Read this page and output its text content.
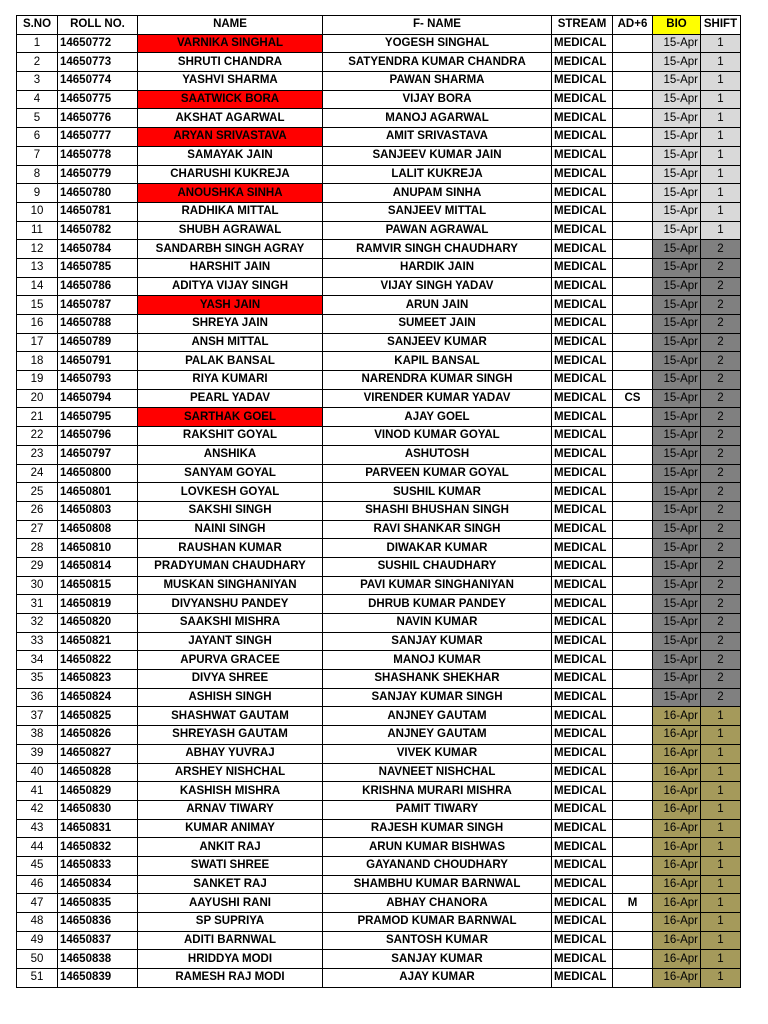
S.NO	ROLL NO.	NAME	F- NAME	STREAM	AD+6	BIO	SHIFT
1	14650772	VARNIKA SINGHAL	YOGESH SINGHAL	MEDICAL		15-Apr	1
2	14650773	SHRUTI CHANDRA	SATYENDRA KUMAR CHANDRA	MEDICAL		15-Apr	1
3	14650774	YASHVI SHARMA	PAWAN SHARMA	MEDICAL		15-Apr	1
4	14650775	SAATWICK BORA	VIJAY BORA	MEDICAL		15-Apr	1
5	14650776	AKSHAT AGARWAL	MANOJ AGARWAL	MEDICAL		15-Apr	1
6	14650777	ARYAN SRIVASTAVA	AMIT SRIVASTAVA	MEDICAL		15-Apr	1
7	14650778	SAMAYAK JAIN	SANJEEV KUMAR JAIN	MEDICAL		15-Apr	1
8	14650779	CHARUSHI KUKREJA	LALIT KUKREJA	MEDICAL		15-Apr	1
9	14650780	ANOUSHKA SINHA	ANUPAM SINHA	MEDICAL		15-Apr	1
10	14650781	RADHIKA MITTAL	SANJEEV MITTAL	MEDICAL		15-Apr	1
11	14650782	SHUBH AGRAWAL	PAWAN AGRAWAL	MEDICAL		15-Apr	1
12	14650784	SANDARBH SINGH AGRAY	RAMVIR SINGH CHAUDHARY	MEDICAL		15-Apr	2
13	14650785	HARSHIT JAIN	HARDIK JAIN	MEDICAL		15-Apr	2
14	14650786	ADITYA VIJAY SINGH	VIJAY SINGH YADAV	MEDICAL		15-Apr	2
15	14650787	YASH JAIN	ARUN JAIN	MEDICAL		15-Apr	2
16	14650788	SHREYA JAIN	SUMEET JAIN	MEDICAL		15-Apr	2
17	14650789	ANSH MITTAL	SANJEEV KUMAR	MEDICAL		15-Apr	2
18	14650791	PALAK BANSAL	KAPIL BANSAL	MEDICAL		15-Apr	2
19	14650793	RIYA KUMARI	NARENDRA KUMAR SINGH	MEDICAL		15-Apr	2
20	14650794	PEARL YADAV	VIRENDER KUMAR YADAV	MEDICAL	CS	15-Apr	2
21	14650795	SARTHAK GOEL	AJAY GOEL	MEDICAL		15-Apr	2
22	14650796	RAKSHIT GOYAL	VINOD KUMAR GOYAL	MEDICAL		15-Apr	2
23	14650797	ANSHIKA	ASHUTOSH	MEDICAL		15-Apr	2
24	14650800	SANYAM GOYAL	PARVEEN KUMAR GOYAL	MEDICAL		15-Apr	2
25	14650801	LOVKESH GOYAL	SUSHIL KUMAR	MEDICAL		15-Apr	2
26	14650803	SAKSHI SINGH	SHASHI BHUSHAN SINGH	MEDICAL		15-Apr	2
27	14650808	NAINI SINGH	RAVI SHANKAR SINGH	MEDICAL		15-Apr	2
28	14650810	RAUSHAN KUMAR	DIWAKAR KUMAR	MEDICAL		15-Apr	2
29	14650814	PRADYUMAN CHAUDHARY	SUSHIL CHAUDHARY	MEDICAL		15-Apr	2
30	14650815	MUSKAN SINGHANIYAN	PAVI KUMAR SINGHANIYAN	MEDICAL		15-Apr	2
31	14650819	DIVYANSHU PANDEY	DHRUB KUMAR PANDEY	MEDICAL		15-Apr	2
32	14650820	SAAKSHI MISHRA	NAVIN KUMAR	MEDICAL		15-Apr	2
33	14650821	JAYANT SINGH	SANJAY KUMAR	MEDICAL		15-Apr	2
34	14650822	APURVA GRACEE	MANOJ KUMAR	MEDICAL		15-Apr	2
35	14650823	DIVYA SHREE	SHASHANK SHEKHAR	MEDICAL		15-Apr	2
36	14650824	ASHISH SINGH	SANJAY KUMAR SINGH	MEDICAL		15-Apr	2
37	14650825	SHASHWAT GAUTAM	ANJNEY GAUTAM	MEDICAL		16-Apr	1
38	14650826	SHREYASH GAUTAM	ANJNEY GAUTAM	MEDICAL		16-Apr	1
39	14650827	ABHAY YUVRAJ	VIVEK KUMAR	MEDICAL		16-Apr	1
40	14650828	ARSHEY NISHCHAL	NAVNEET NISHCHAL	MEDICAL		16-Apr	1
41	14650829	KASHISH MISHRA	KRISHNA MURARI MISHRA	MEDICAL		16-Apr	1
42	14650830	ARNAV TIWARY	PAMIT TIWARY	MEDICAL		16-Apr	1
43	14650831	KUMAR ANIMAY	RAJESH KUMAR SINGH	MEDICAL		16-Apr	1
44	14650832	ANKIT RAJ	ARUN KUMAR BISHWAS	MEDICAL		16-Apr	1
45	14650833	SWATI SHREE	GAYANAND CHOUDHARY	MEDICAL		16-Apr	1
46	14650834	SANKET RAJ	SHAMBHU KUMAR BARNWAL	MEDICAL		16-Apr	1
47	14650835	AAYUSHI RANI	ABHAY CHANORA	MEDICAL	M	16-Apr	1
48	14650836	SP SUPRIYA	PRAMOD KUMAR BARNWAL	MEDICAL		16-Apr	1
49	14650837	ADITI BARNWAL	SANTOSH KUMAR	MEDICAL		16-Apr	1
50	14650838	HRIDDYA MODI	SANJAY KUMAR	MEDICAL		16-Apr	1
51	14650839	RAMESH RAJ MODI	AJAY KUMAR	MEDICAL		16-Apr	1
